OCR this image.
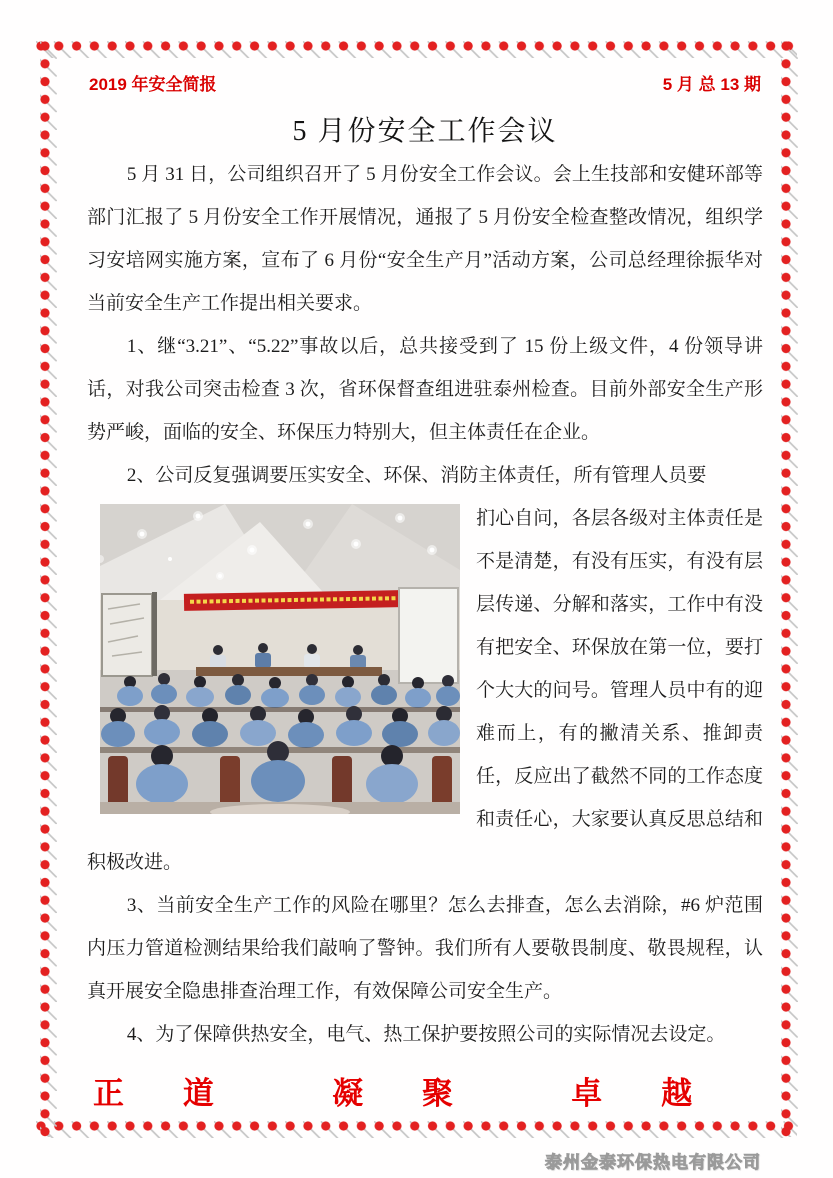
2019 年安全简报	5 月 总 13 期
5 月份安全工作会议

5 月 31 日，公司组织召开了 5 月份安全工作会议。会上生技部和安健环部等部门汇报了 5 月份安全工作开展情况，通报了 5 月份安全检查整改情况，组织学习安培网实施方案，宣布了 6 月份“安全生产月”活动方案，公司总经理徐振华对当前安全生产工作提出相关要求。

1、继“3.21”、“5.22”事故以后，总共接受到了 15 份上级文件，4 份领导讲话，对我公司突击检查 3 次，省环保督查组进驻泰州检查。目前外部安全生产形势严峻，面临的安全、环保压力特别大，但主体责任在企业。

2、公司反复强调要压实安全、环保、消防主体责任，所有管理人员要

扪心自问，各层各级对主体责任是不是清楚，有没有压实，有没有层层传递、分解和落实，工作中有没有把安全、环保放在第一位，要打个大大的问号。管理人员中有的迎难而上，有的撇清关系、推卸责任，反应出了截然不同的工作态度和责任心，大家要认真反思总结和积极改进。

3、当前安全生产工作的风险在哪里？怎么去排查，怎么去消除，#6 炉范围内压力管道检测结果给我们敲响了警钟。我们所有人要敬畏制度、敬畏规程，认真开展安全隐患排查治理工作，有效保障公司安全生产。

4、为了保障供热安全，电气、热工保护要按照公司的实际情况去设定。

正道 凝聚 卓越
泰州金泰环保热电有限公司
